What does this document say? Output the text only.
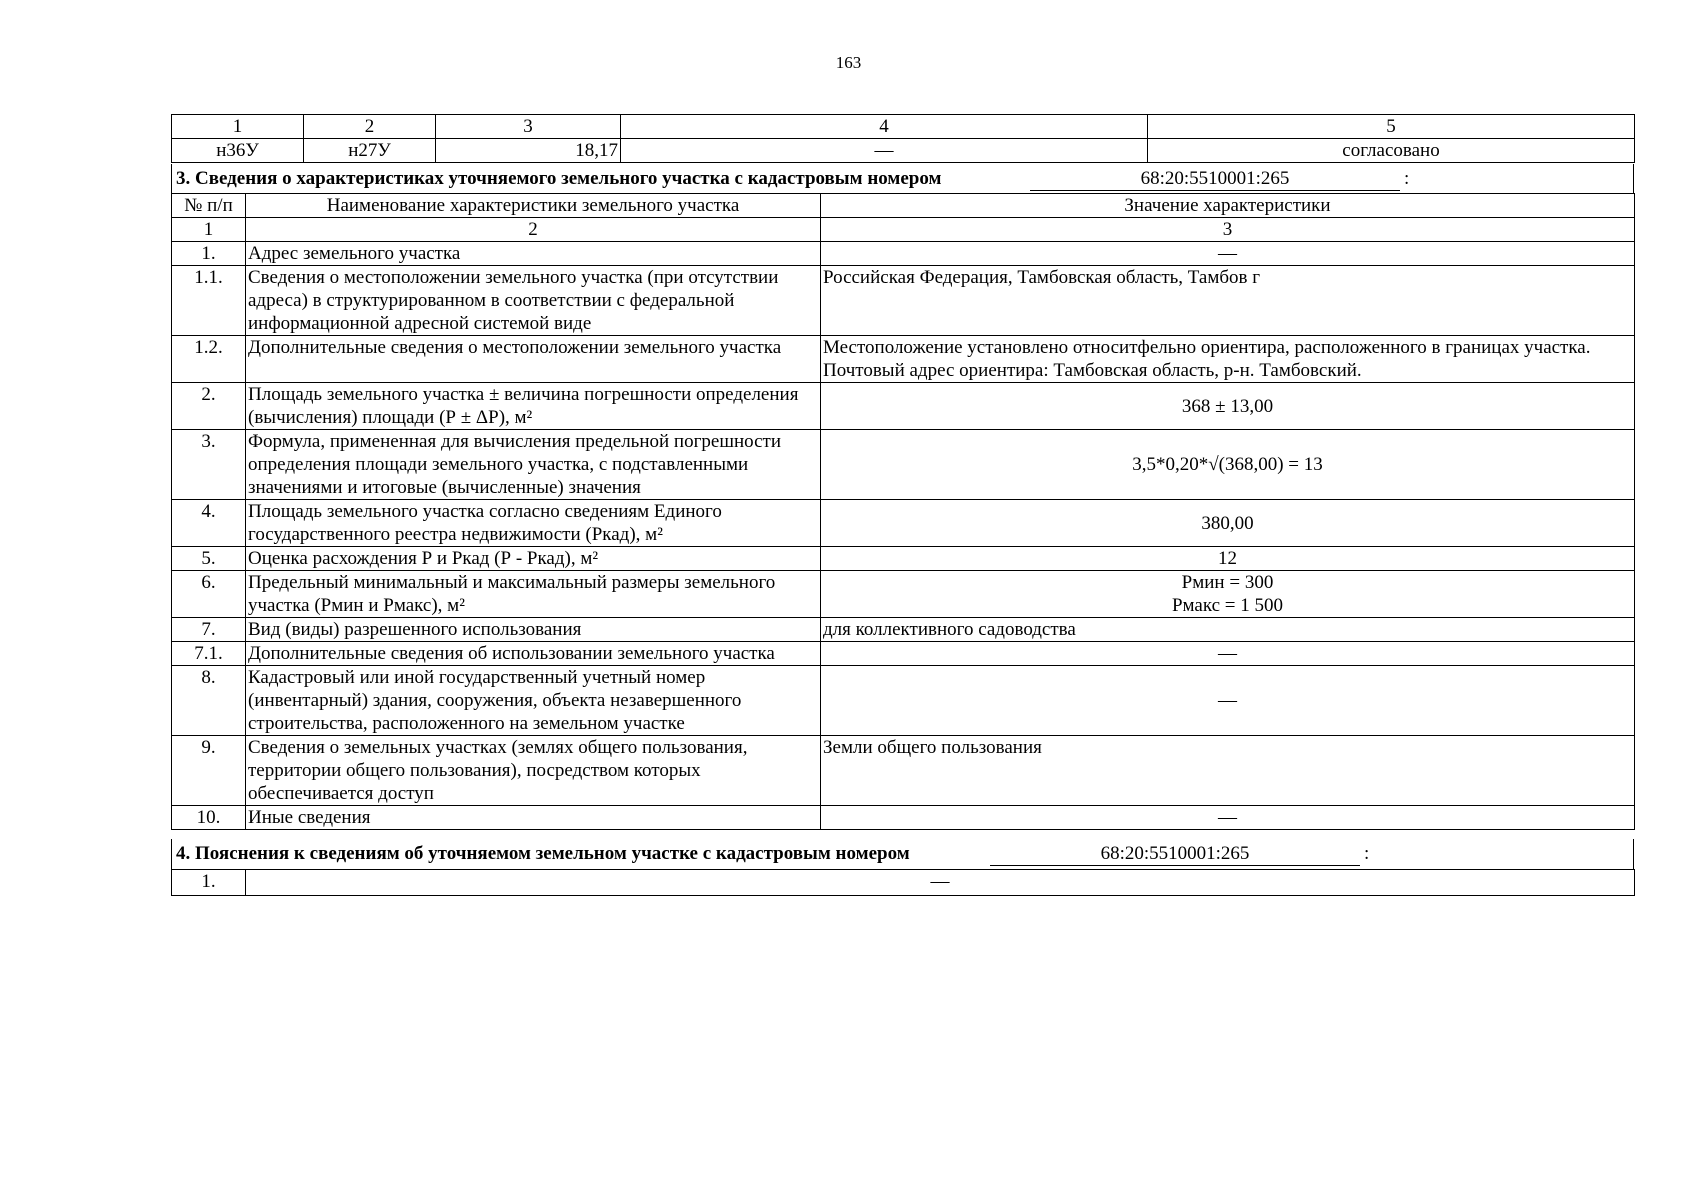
163
1	2	3	4	5
н36У	н27У	18,17	—	согласовано
3. Сведения о характеристиках уточняемого земельного участка с кадастровым номером	68:20:5510001:265	:
№ п/п	Наименование характеристики земельного участка	Значение характеристики
1	2	3
1.	Адрес земельного участка	—
1.1.	Сведения о местоположении земельного участка (при отсутствии адреса) в структурированном в соответствии с федеральной информационной адресной системой виде	Российская Федерация, Тамбовская область, Тамбов г
1.2.	Дополнительные сведения о местоположении земельного участка	Местоположение установлено относитфельно ориентира, расположенного в границах участка. Почтовый адрес ориентира: Тамбовская область, р-н. Тамбовский.
2.	Площадь земельного участка ± величина погрешности определения (вычисления) площади (Р ± ΔР), м²	368 ± 13,00
3.	Формула, примененная для вычисления предельной погрешности определения площади земельного участка, с подставленными значениями и итоговые (вычисленные) значения	3,5*0,20*√(368,00) = 13
4.	Площадь земельного участка согласно сведениям Единого государственного реестра недвижимости (Ркад), м²	380,00
5.	Оценка расхождения Р и Ркад (Р - Ркад), м²	12
6.	Предельный минимальный и максимальный размеры земельного участка (Рмин и Рмакс), м²	Рмин = 300
Рмакс = 1 500

7.	Вид (виды) разрешенного использования	для коллективного садоводства
7.1.	Дополнительные сведения об использовании земельного участка	—
8.	Кадастровый или иной государственный учетный номер (инвентарный) здания, сооружения, объекта незавершенного строительства, расположенного на земельном участке	—
9.	Сведения о земельных участках (землях общего пользования, территории общего пользования), посредством которых обеспечивается доступ	Земли общего пользования
10.	Иные сведения	—
4. Пояснения к сведениям об уточняемом земельном участке с кадастровым номером	68:20:5510001:265	:
1.	—
